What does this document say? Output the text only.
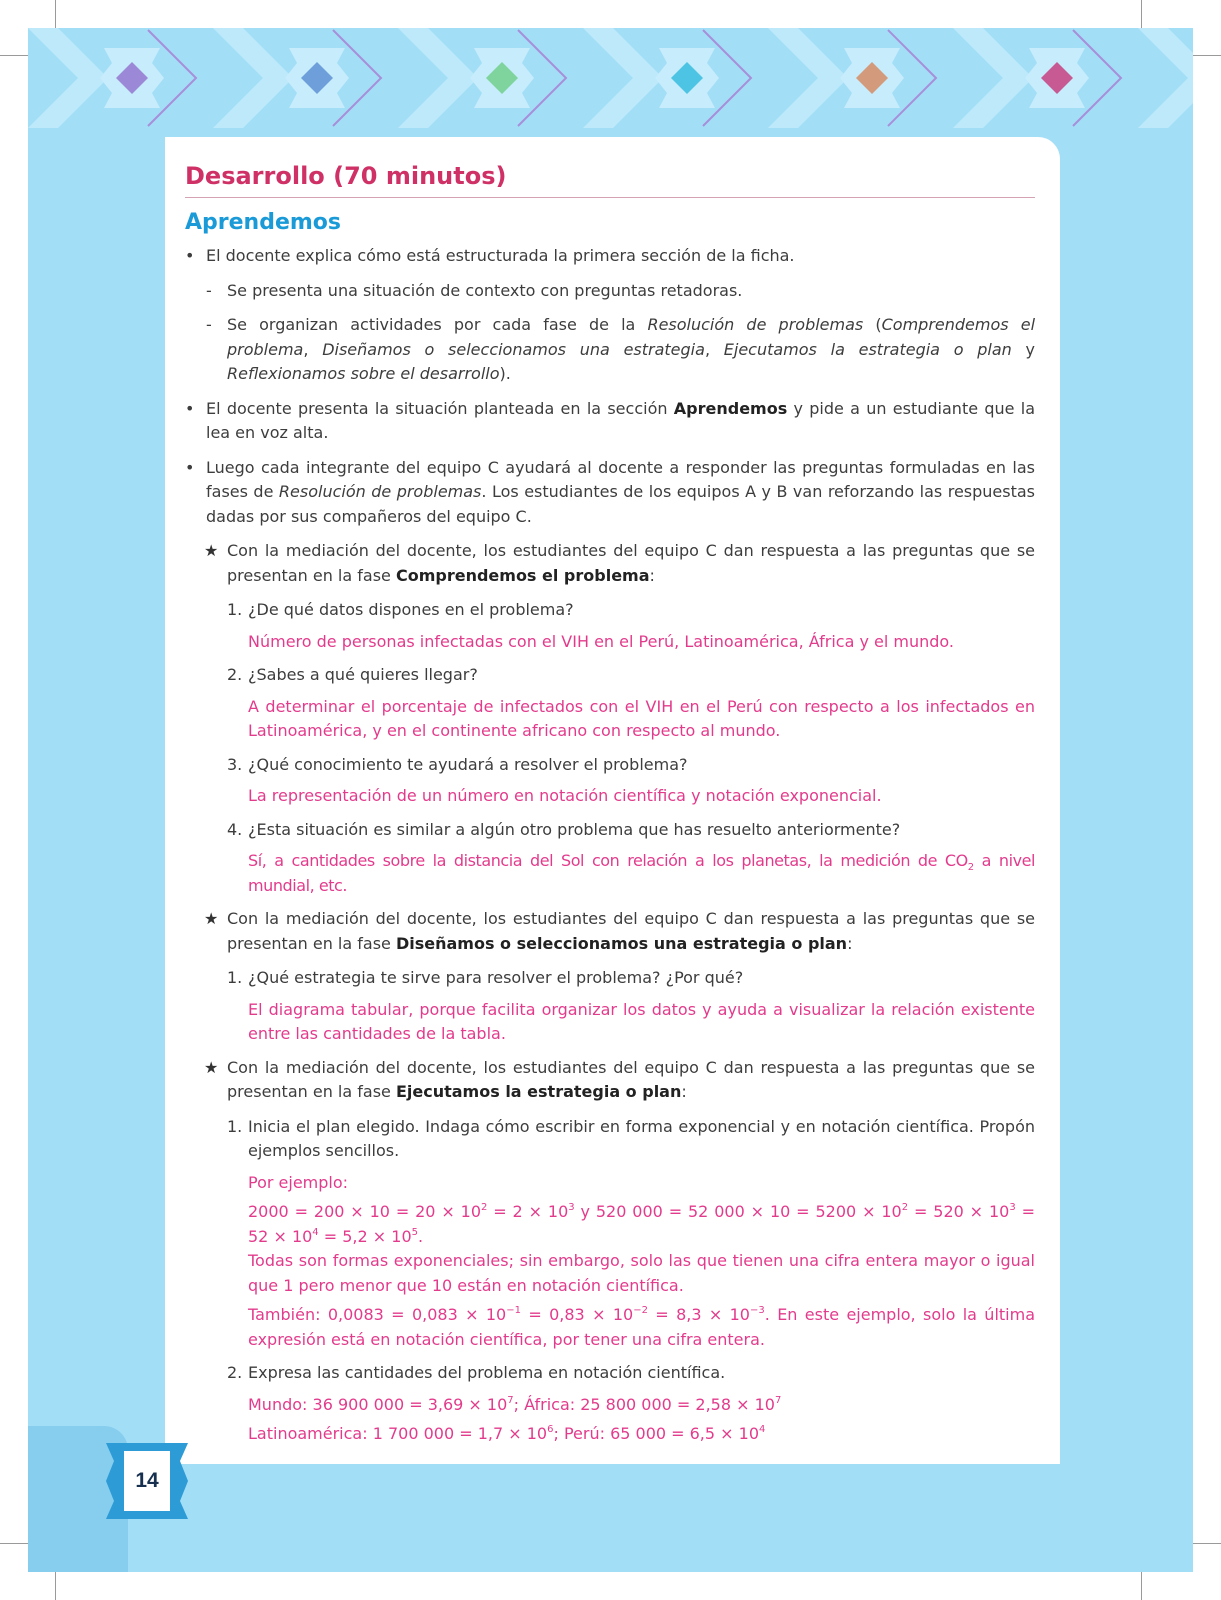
14
Desarrollo (70 minutos)
Aprendemos

• El docente explica cómo está estructurada la primera sección de la ficha.

- Se presenta una situación de contexto con preguntas retadoras.

- Se organizan actividades por cada fase de la Resolución de problemas (Comprendemos el problema, Diseñamos o seleccionamos una estrategia, Ejecutamos la estrategia o plan y Reflexionamos sobre el desarrollo).

• El docente presenta la situación planteada en la sección Aprendemos y pide a un estudiante que la lea en voz alta.

• Luego cada integrante del equipo C ayudará al docente a responder las preguntas formuladas en las fases de Resolución de problemas. Los estudiantes de los equipos A y B van reforzando las respuestas dadas por sus compañeros del equipo C.

★ Con la mediación del docente, los estudiantes del equipo C dan respuesta a las preguntas que se presentan en la fase Comprendemos el problema:

1. ¿De qué datos dispones en el problema?

Número de personas infectadas con el VIH en el Perú, Latinoamérica, África y el mundo.

2. ¿Sabes a qué quieres llegar?

A determinar el porcentaje de infectados con el VIH en el Perú con respecto a los infectados en Latinoamérica, y en el continente africano con respecto al mundo.

3. ¿Qué conocimiento te ayudará a resolver el problema?

La representación de un número en notación científica y notación exponencial.

4. ¿Esta situación es similar a algún otro problema que has resuelto anteriormente?

Sí, a cantidades sobre la distancia del Sol con relación a los planetas, la medición de $CO_2$ a nivel mundial, etc.

★ Con la mediación del docente, los estudiantes del equipo C dan respuesta a las preguntas que se presentan en la fase Diseñamos o seleccionamos una estrategia o plan:

1. ¿Qué estrategia te sirve para resolver el problema? ¿Por qué?

El diagrama tabular, porque facilita organizar los datos y ayuda a visualizar la relación existente entre las cantidades de la tabla.

★ Con la mediación del docente, los estudiantes del equipo C dan respuesta a las preguntas que se presentan en la fase Ejecutamos la estrategia o plan:

1. Inicia el plan elegido. Indaga cómo escribir en forma exponencial y en notación científica. Propón ejemplos sencillos.

Por ejemplo:

$2000 = 200 \times 10 = 20 \times 10^2 = 2 \times 10^3$ y 520 000 = 52 $000 \times 10 = 5200 \times 10^2 = 520 \times 10^3 = 52 \times 10^4 = 5,2 \times 10^5$.
Todas son formas exponenciales; sin embargo, solo las que tienen una cifra entera mayor o igual que 1 pero menor que 10 están en notación científica.

También: $0,0083 = 0,083 \times 10^{-1} = 0,83 \times 10^{-2} = 8,3 \times 10^{-3}$. En este ejemplo, solo la última expresión está en notación científica, por tener una cifra entera.

2. Expresa las cantidades del problema en notación científica.

Mundo: 36 900 $000 = 3,69 \times 10^7$; África: 25 800 $000 = 2,58 \times 10^7$

Latinoamérica: 1 700 $000 = 1,7 \times 10^6$; Perú: 65 $000 = 6,5 \times 10^4$
